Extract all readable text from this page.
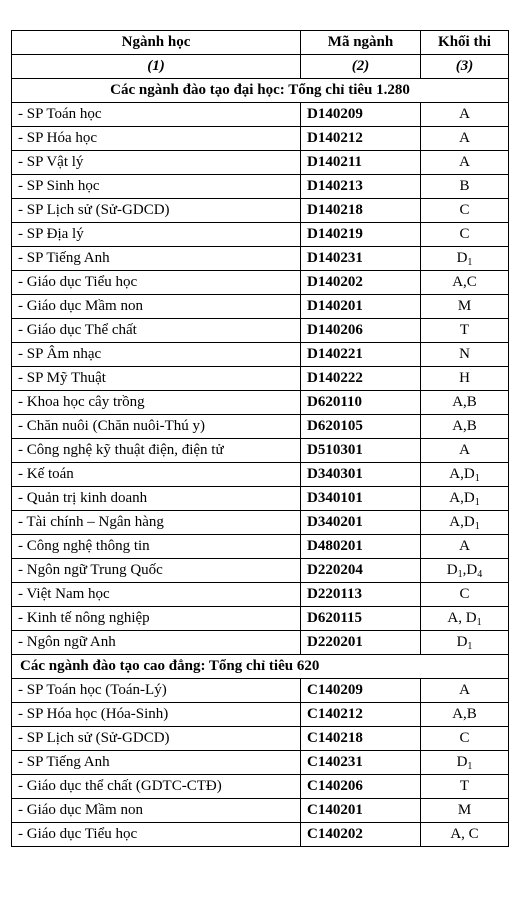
Ngành học	Mã ngành	Khối thi
(1)	(2)	(3)
Các ngành đào tạo đại học: Tổng chỉ tiêu 1.280		
- SP Toán học	D140209	A
- SP Hóa học	D140212	A
- SP Vật lý	D140211	A
- SP Sinh học	D140213	B
- SP Lịch sử (Sử-GDCD)	D140218	C
- SP Địa lý	D140219	C
- SP Tiếng Anh	D140231	$D_1$
- Giáo dục Tiểu học	D140202	A,C
- Giáo dục Mầm non	D140201	M
- Giáo dục Thể chất	D140206	T
- SP Âm nhạc	D140221	N
- SP Mỹ Thuật	D140222	H
- Khoa học cây trồng	D620110	A,B
- Chăn nuôi (Chăn nuôi-Thú y)	D620105	A,B
- Công nghệ kỹ thuật điện, điện tử	D510301	A
- Kế toán	D340301	$A,D_1$
- Quản trị kinh doanh	D340101	$A,D_1$
- Tài chính – Ngân hàng	D340201	$A,D_1$
- Công nghệ thông tin	D480201	A
- Ngôn ngữ Trung Quốc	D220204	$D_1,D_4$
- Việt Nam học	D220113	C
- Kinh tế nông nghiệp	D620115	A, $D_1$
- Ngôn ngữ Anh	D220201	$D_1$
Các ngành đào tạo cao đẳng: Tổng chỉ tiêu 620		
- SP Toán học (Toán-Lý)	C140209	A
- SP Hóa học (Hóa-Sinh)	C140212	A,B
- SP Lịch sử (Sử-GDCD)	C140218	C
- SP Tiếng Anh	C140231	$D_1$
- Giáo dục thể chất (GDTC-CTĐ)	C140206	T
- Giáo dục Mầm non	C140201	M
- Giáo dục Tiểu học	C140202	A, C
